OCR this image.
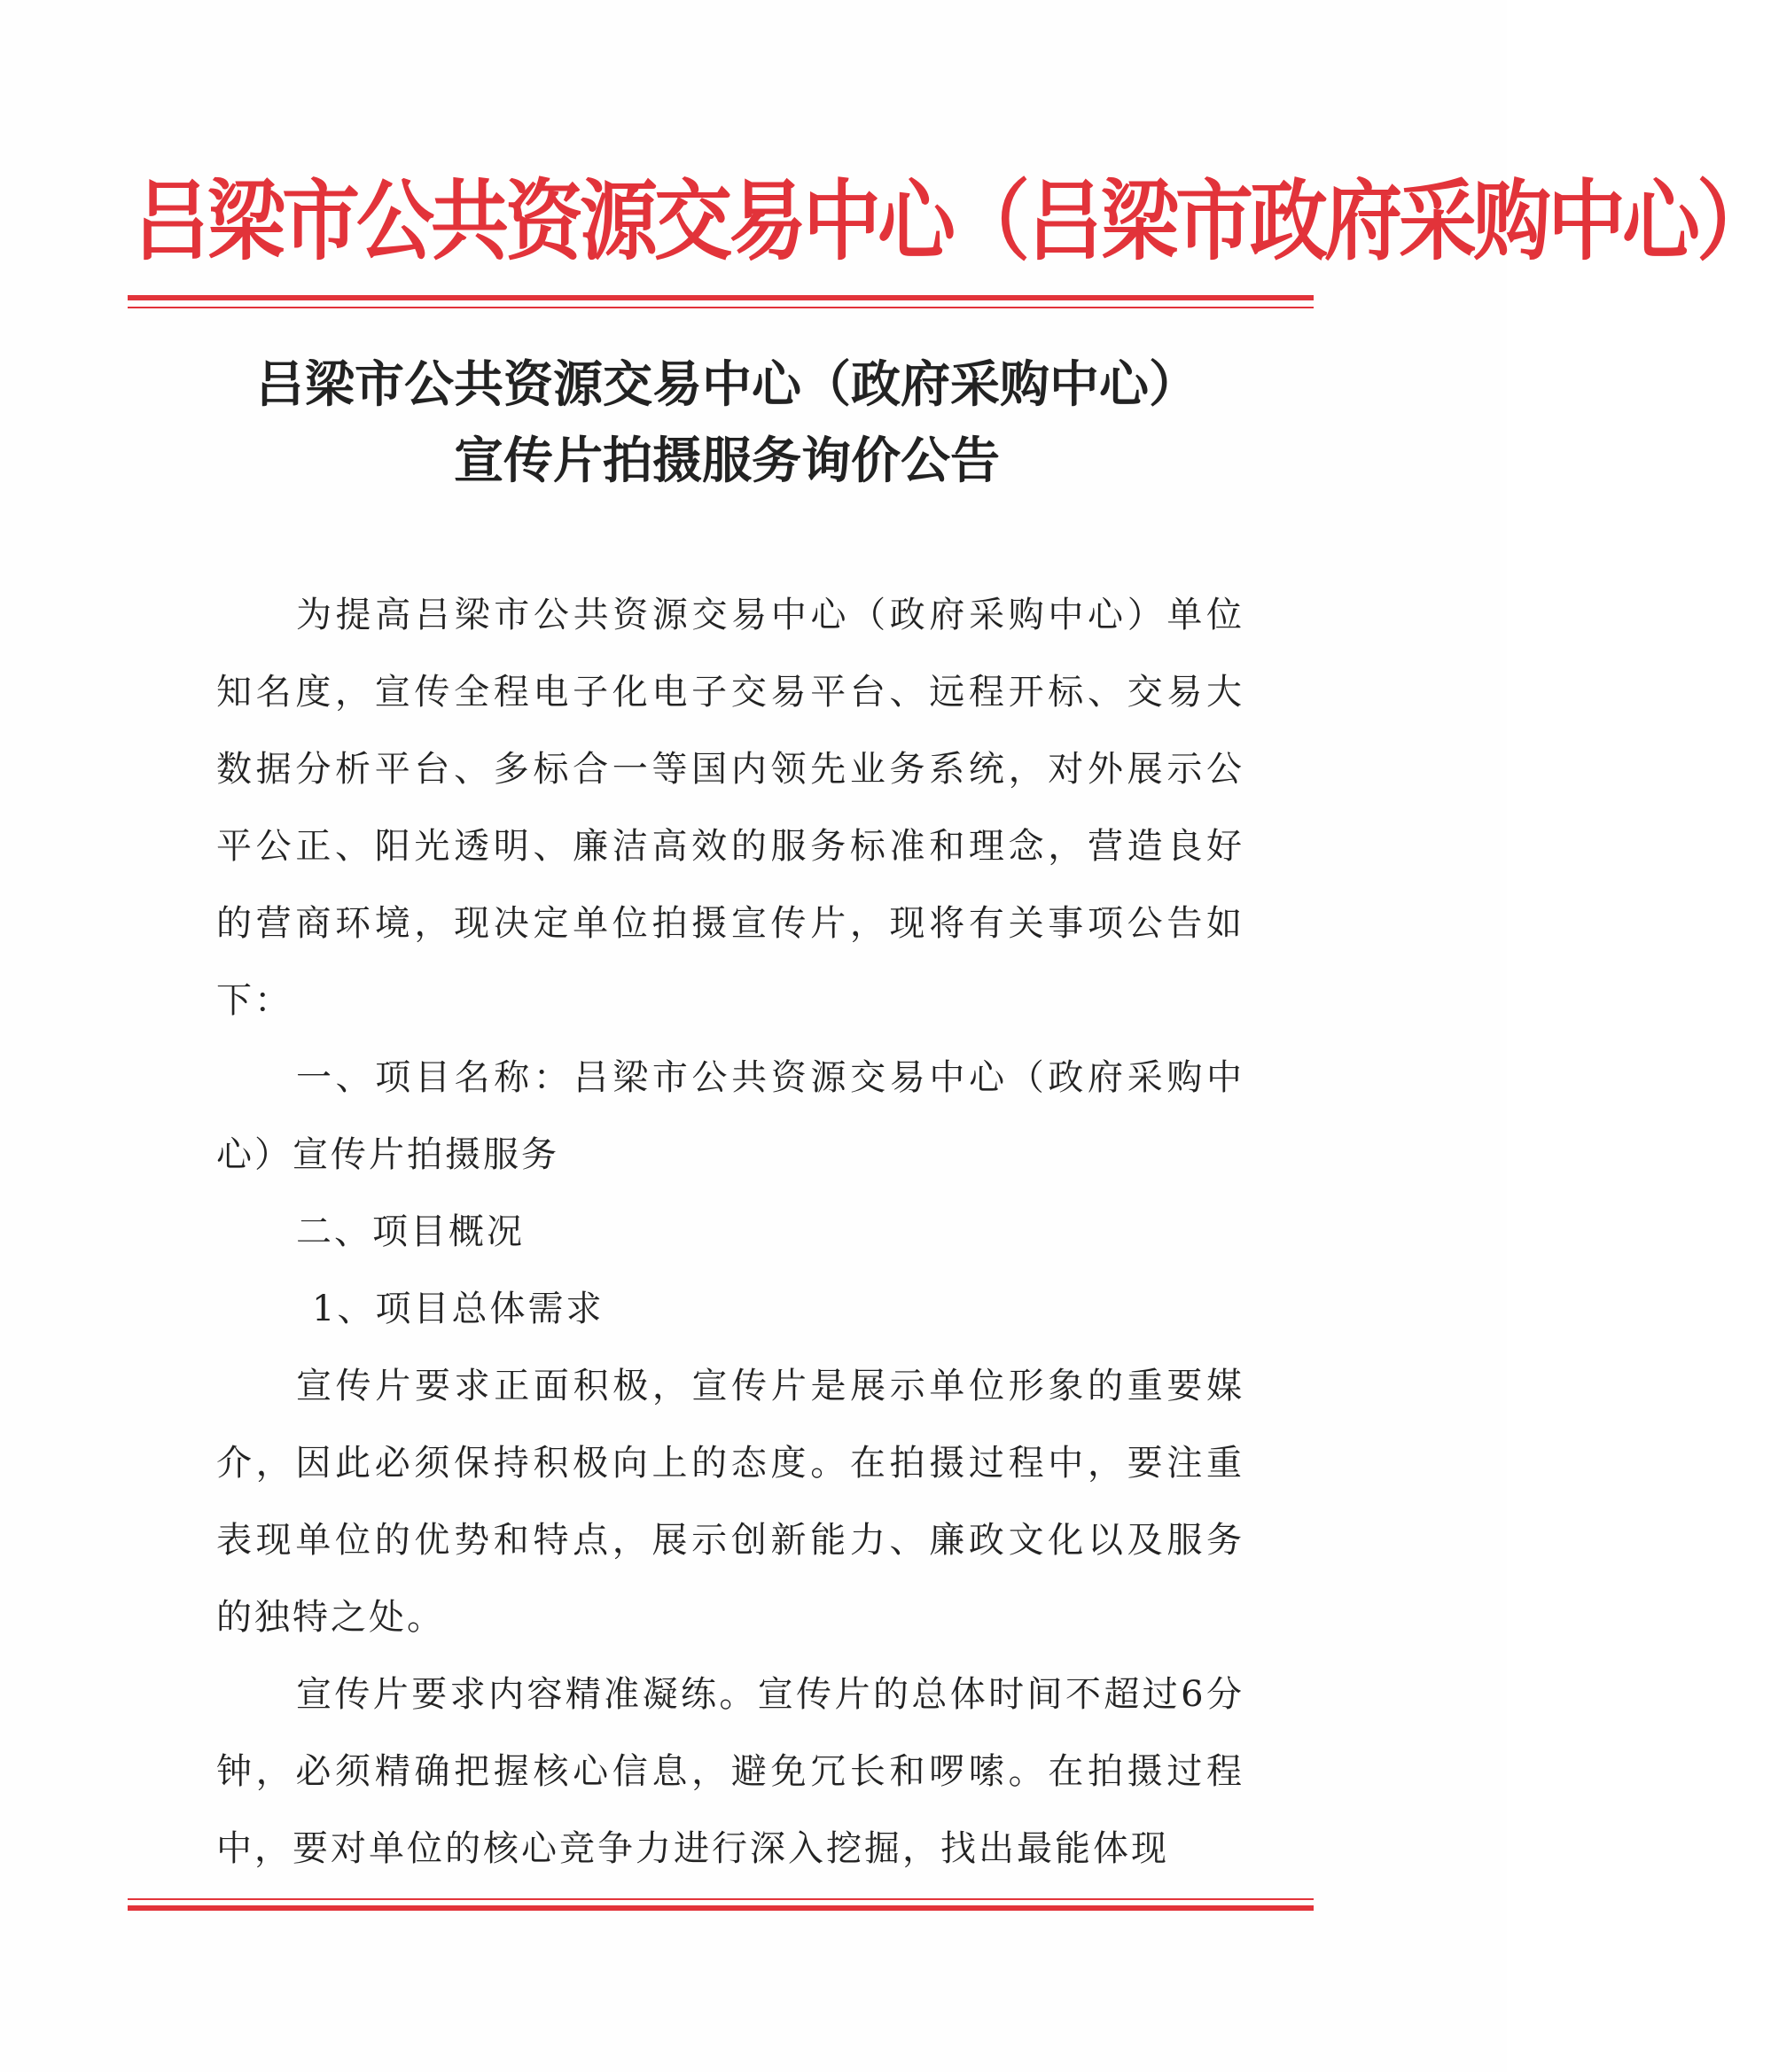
吕梁市公共资源交易中心（吕梁市政府采购中心）
吕梁市公共资源交易中心（政府采购中心）
宣传片拍摄服务询价公告

为提高吕梁市公共资源交易中心（政府采购中心）单位知名度，宣传全程电子化电子交易平台、远程开标、交易大数据分析平台、多标合一等国内领先业务系统，对外展示公平公正、阳光透明、廉洁高效的服务标准和理念，营造良好的营商环境，现决定单位拍摄宣传片，现将有关事项公告如下：

一、项目名称：吕梁市公共资源交易中心（政府采购中心）宣传片拍摄服务

二、项目概况

1、项目总体需求

宣传片要求正面积极，宣传片是展示单位形象的重要媒介，因此必须保持积极向上的态度。在拍摄过程中，要注重表现单位的优势和特点，展示创新能力、廉政文化以及服务的独特之处。

宣传片要求内容精准凝练。宣传片的总体时间不超过6分钟，必须精确把握核心信息，避免冗长和啰嗦。在拍摄过程中，要对单位的核心竞争力进行深入挖掘，找出最能体现
